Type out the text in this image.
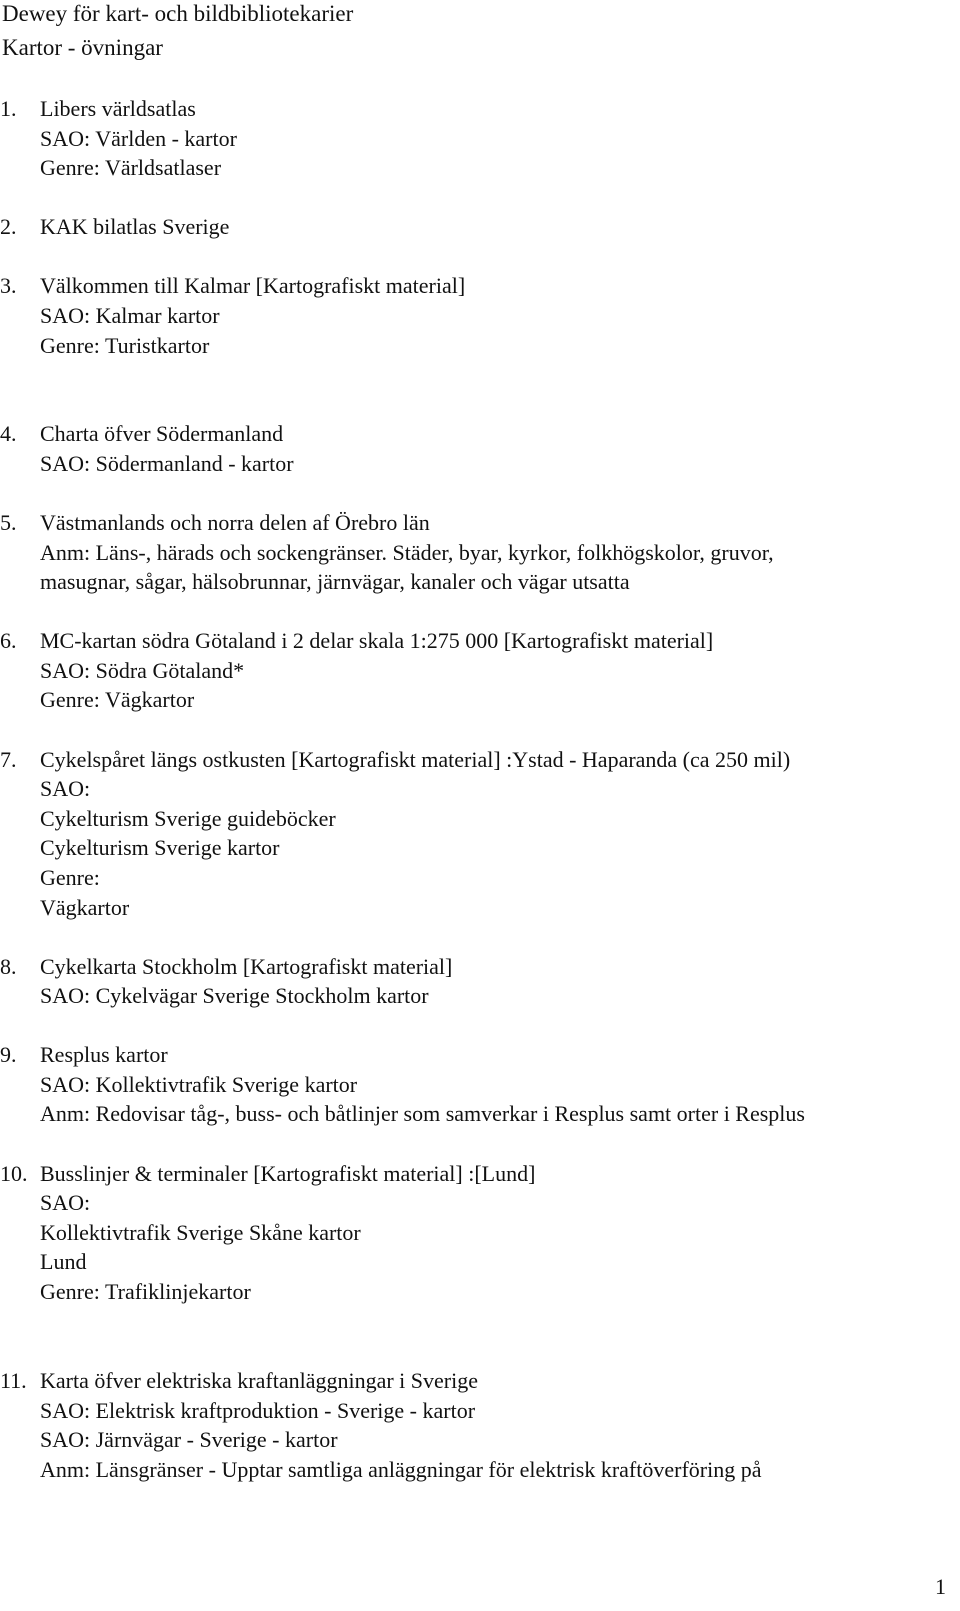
Dewey för kart- och bildbibliotekarier
Kartor - övningar
1.	Libers världsatlas
SAO: Världen - kartor
Genre: Världsatlaser
2.	KAK bilatlas Sverige
3.	Välkommen till Kalmar [Kartografiskt material]
SAO: Kalmar kartor
Genre: Turistkartor
4.	Charta öfver Södermanland
SAO: Södermanland - kartor
5.	Västmanlands och norra delen af Örebro län
Anm: Läns-, härads och sockengränser. Städer, byar, kyrkor, folkhögskolor, gruvor,
masugnar, sågar, hälsobrunnar, järnvägar, kanaler och vägar utsatta
6.	MC-kartan södra Götaland i 2 delar skala 1:275 000 [Kartografiskt material]
SAO: Södra Götaland*
Genre: Vägkartor
7.	Cykelspåret längs ostkusten [Kartografiskt material] :Ystad - Haparanda (ca 250 mil)
SAO:
Cykelturism Sverige guideböcker
Cykelturism Sverige kartor
Genre:
Vägkartor
8.	Cykelkarta Stockholm [Kartografiskt material]
SAO: Cykelvägar Sverige Stockholm kartor
9.	Resplus kartor
SAO: Kollektivtrafik Sverige kartor
Anm: Redovisar tåg-, buss- och båtlinjer som samverkar i Resplus samt orter i Resplus
10. Busslinjer & terminaler [Kartografiskt material] :[Lund]
SAO:
Kollektivtrafik Sverige Skåne kartor
Lund
Genre: Trafiklinjekartor
11. Karta öfver elektriska kraftanläggningar i Sverige
SAO: Elektrisk kraftproduktion - Sverige - kartor
SAO: Järnvägar - Sverige - kartor
Anm: Länsgränser - Upptar samtliga anläggningar för elektrisk kraftöverföring på
1
